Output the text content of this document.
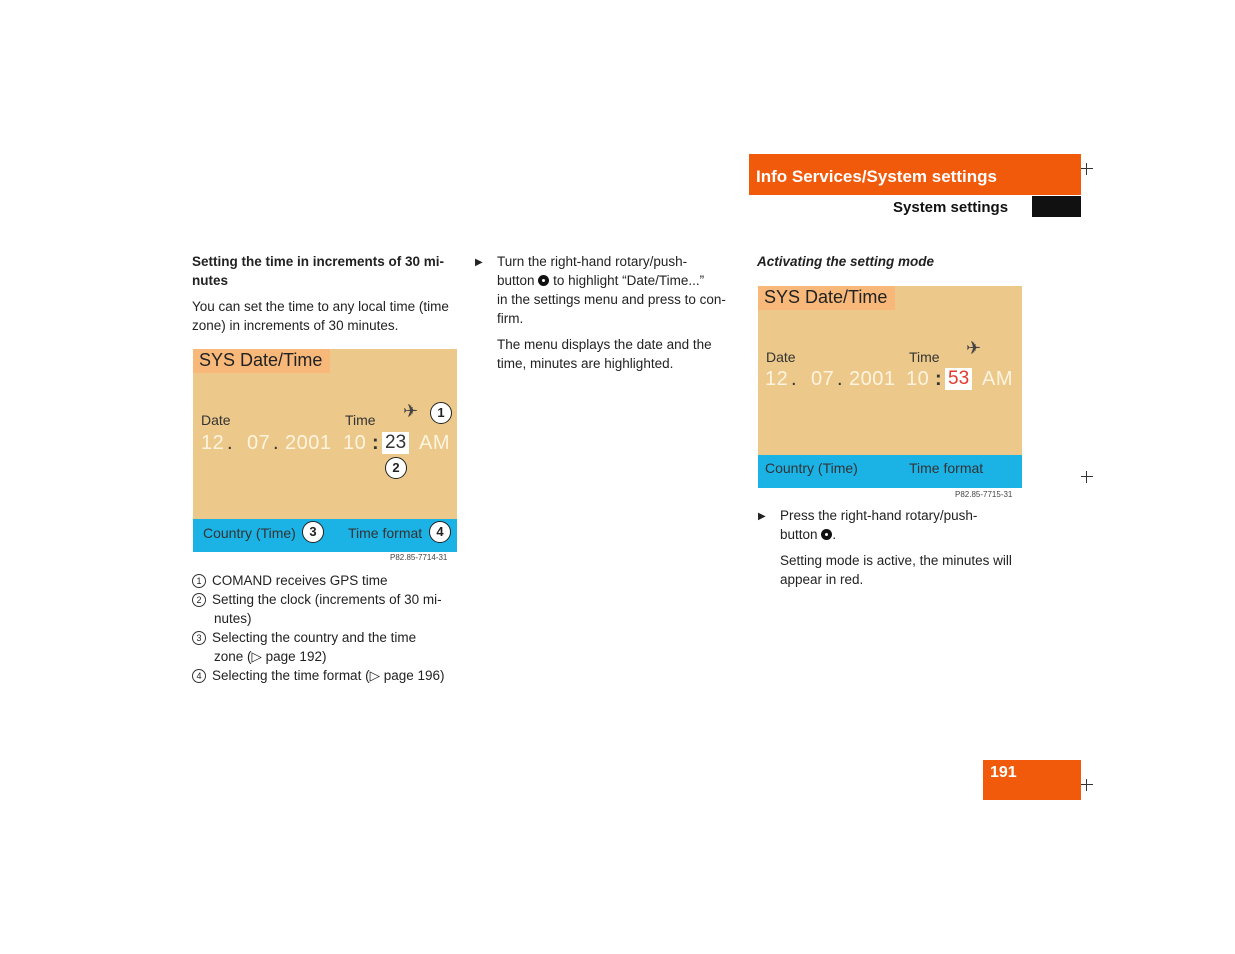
Info Services/System settings
System settings
Setting the time in increments of 30 mi-
nutes
You can set the time to any local time (time
zone) in increments of 30 minutes.
SYS Date/Time
Date	Time ✈
12 . 07 . 2001 10 : 23 AM
Country (Time)	Time format
1
2
3	4
P82.85-7714-31
1 COMAND receives GPS time
2 Setting the clock (increments of 30 mi-
nutes)
3 Selecting the country and the time
zone (▷ page 192)
4 Selecting the time format (▷ page 196)
▶ Turn the right-hand rotary/push-
button to highlight “Date/Time...”
in the settings menu and press to con-
firm.
The menu displays the date and the
time, minutes are highlighted.
Activating the setting mode
SYS Date/Time
Date	Time ✈
12 . 07 . 2001 10 : 53 AM
Country (Time)	Time format
P82.85-7715-31
▶ Press the right-hand rotary/push-
button .
Setting mode is active, the minutes will
appear in red.
191
